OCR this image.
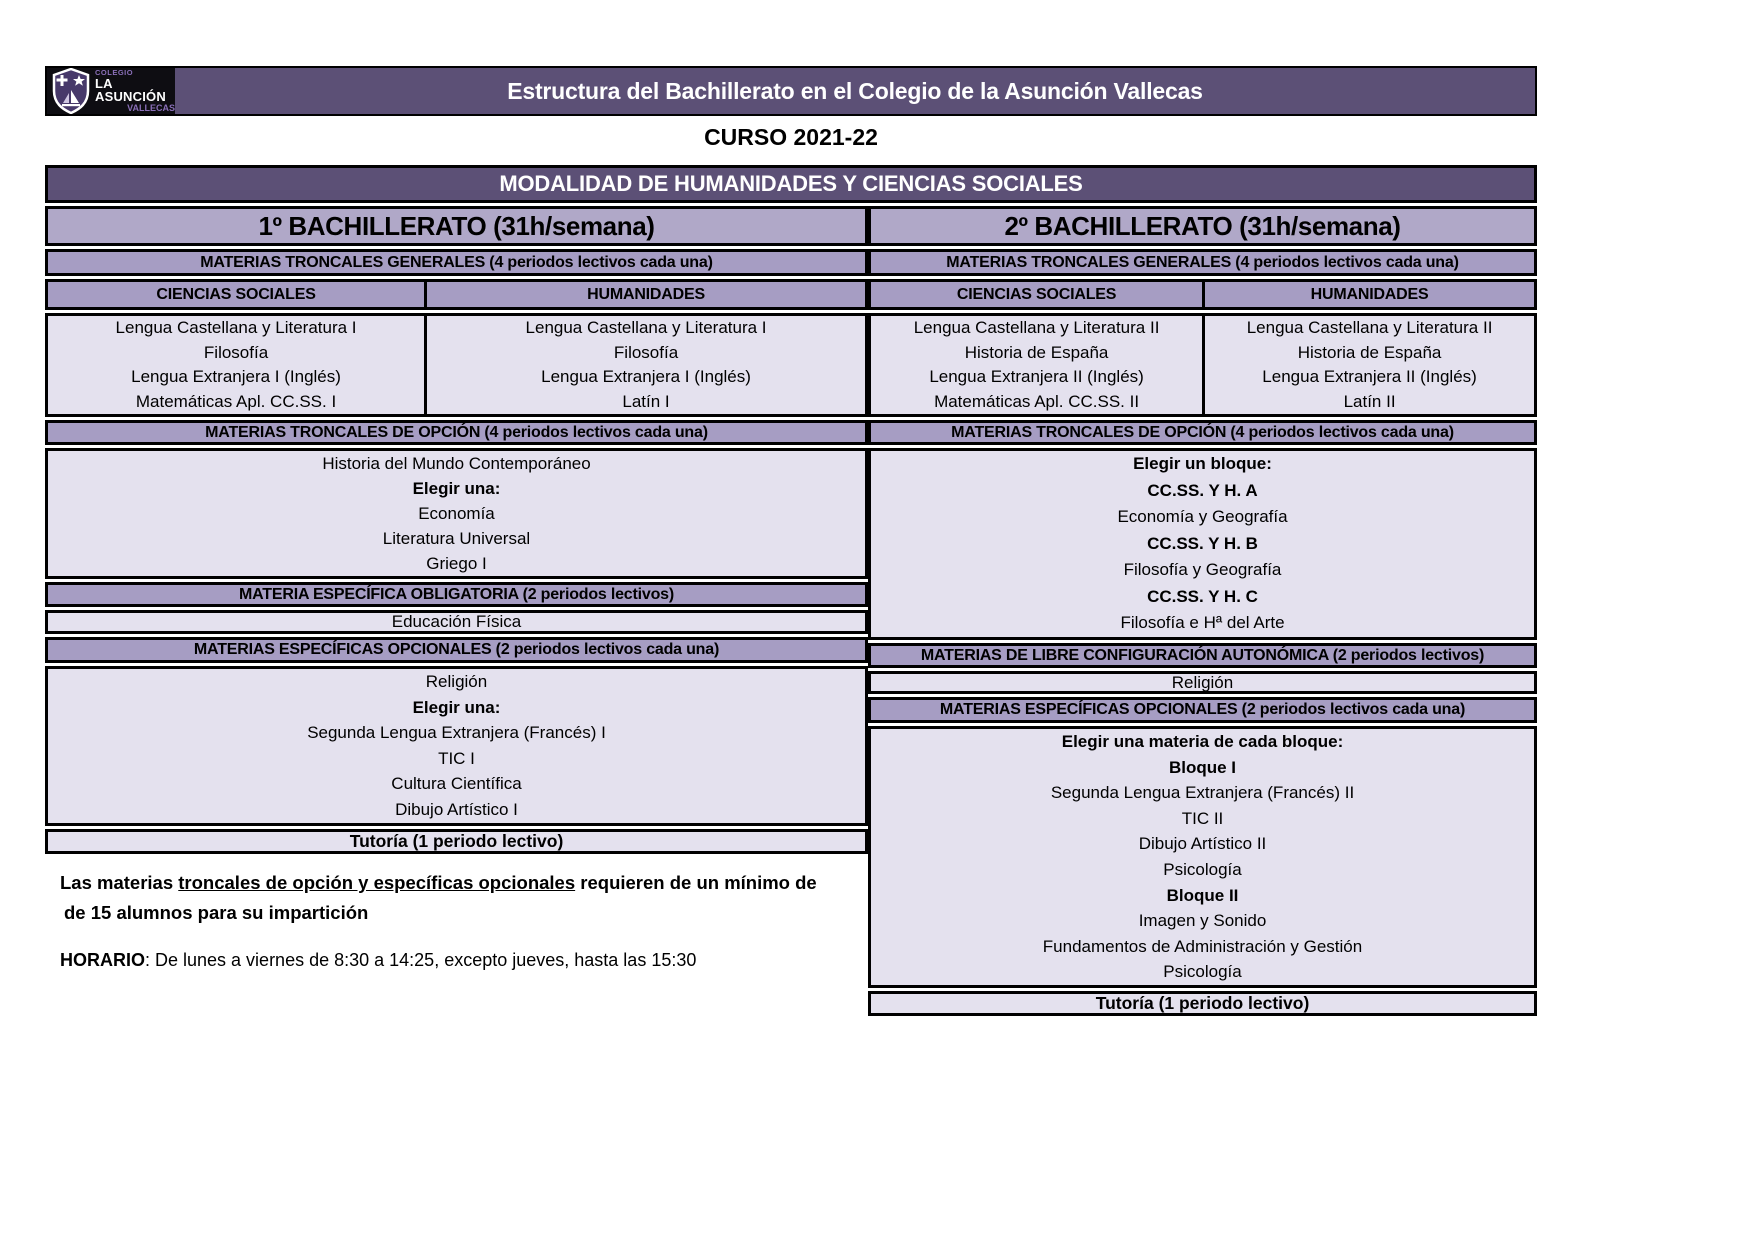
COLEGIO
LA ASUNCIÓN
VALLECAS
Estructura del Bachillerato en el Colegio de la Asunción Vallecas
CURSO 2021-22
MODALIDAD DE HUMANIDADES Y CIENCIAS SOCIALES
1º BACHILLERATO (31h/semana)
MATERIAS TRONCALES GENERALES (4 periodos lectivos cada una)
CIENCIAS SOCIALES	HUMANIDADES
Lengua Castellana y Literatura I
Filosofía
Lengua Extranjera I (Inglés)
Matemáticas Apl. CC.SS. I
Lengua Castellana y Literatura I
Filosofía
Lengua Extranjera I (Inglés)
Latín I
MATERIAS TRONCALES DE OPCIÓN (4 periodos lectivos cada una)
Historia del Mundo Contemporáneo
Elegir una:
Economía
Literatura Universal
Griego I
MATERIA ESPECÍFICA OBLIGATORIA (2 periodos lectivos)
Educación Física
MATERIAS ESPECÍFICAS OPCIONALES (2 periodos lectivos cada una)
Religión
Elegir una:
Segunda Lengua Extranjera (Francés) I
TIC I
Cultura Científica
Dibujo Artístico I
Tutoría (1 periodo lectivo)
2º BACHILLERATO (31h/semana)
MATERIAS TRONCALES GENERALES (4 periodos lectivos cada una)
CIENCIAS SOCIALES	HUMANIDADES
Lengua Castellana y Literatura II
Historia de España
Lengua Extranjera II (Inglés)
Matemáticas Apl. CC.SS. II
Lengua Castellana y Literatura II
Historia de España
Lengua Extranjera II (Inglés)
Latín II
MATERIAS TRONCALES DE OPCIÓN (4 periodos lectivos cada una)
Elegir un bloque:
CC.SS. Y H. A
Economía y Geografía
CC.SS. Y H. B
Filosofía y Geografía
CC.SS. Y H. C
Filosofía e Hª del Arte
MATERIAS DE LIBRE CONFIGURACIÓN AUTONÓMICA (2 periodos lectivos)
Religión
MATERIAS ESPECÍFICAS OPCIONALES (2 periodos lectivos cada una)
Elegir una materia de cada bloque:
Bloque I
Segunda Lengua Extranjera (Francés) II
TIC II
Dibujo Artístico II
Psicología
Bloque II
Imagen y Sonido
Fundamentos de Administración y Gestión
Psicología
Tutoría (1 periodo lectivo)
Las materias troncales de opción y específicas opcionales requieren de un mínimo de
de 15 alumnos para su impartición
HORARIO: De lunes a viernes de 8:30 a 14:25, excepto jueves, hasta las 15:30
